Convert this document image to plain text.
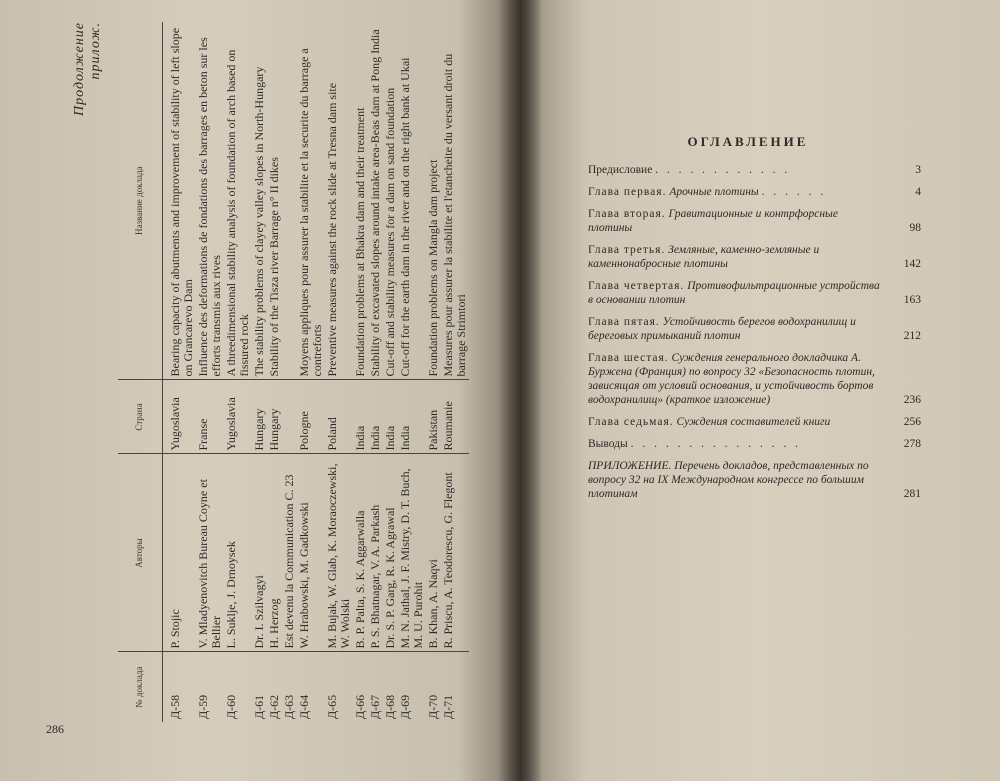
Продолжение прилож.
№ доклада	Авторы	Страна	Название доклада
Д-58	P. Stojic	Yugoslavia	Bearing capacity of abutments and improvement of stability of left slope on Grancarevo Dam
Д-59	V. Mladyenovitch Bureau Coyne et Bellier	Franse	Influence des deformations de fondations des barrages en beton sur les efforts transmis aux rives
Д-60	L. Suklje, J. Drnoysek	Yugoslavia	A threedimensional stability analysis of foundation of arch based on fissured rock
Д-61	Dr. I. Szilvagyi	Hungary	The stability problems of clayey valley slopes in North-Hungary
Д-62	H. Herzog	Hungary	Stability of the Tisza river Barrage n° II dikes
Д-63	Est devenu la Communication C. 23		
Д-64	W. Hrabowski, M. Gadkowski	Pologne	Moyens appliques pour assurer la stabilite et la securite du barrage a contreforts
Д-65	M. Bujak, W. Glab, K. Moraoczewski, W. Wolski	Poland	Preventive measures against the rock slide at Tresna dam site
Д-66	B. P. Palta, S. K. Aggarwalla	India	Foundation problems at Bhakra dam and their treatment
Д-67	P. S. Bhatnagar, V. A. Parkash	India	Stability of excavated slopes around intake area-Beas dam at Pong India
Д-68	Dr. S. P. Garg, R. K. Agrawal	India	Cut-off and stability measures for a dam on sand foundation
Д-69	M. N. Jathal, J. F. Mistry, D. T. Buch, M. U. Purohit	India	Cut-off for the earth dam in the river and on the right bank at Ukai
Д-70	B. Khan, A. Naqvi	Pakistan	Foundation problems on Mangla dam project
Д-71	R. Priscu, A. Teodorescu, G. Flegont	Roumanie	Measures pour assurer la stabilite et l'etancheite du versant droit du barrage Strimtori
286
ОГЛАВЛЕНИЕ
Предисловие . . . . . . . . . . . .	3
Глава первая. Арочные плотины . . . . . .	4
Глава вторая. Гравитационные и контрфорсные плотины	98
Глава третья. Земляные, каменно-земляные и каменнонабросные плотины	142
Глава четвертая. Противофильтрационные устройства в основании плотин	163
Глава пятая. Устойчивость берегов водохранилищ и береговых примыканий плотин	212
Глава шестая. Суждения генерального докладчика А. Бурженa (Франция) по вопросу 32 «Безопасность плотин, зависящая от условий основания, и устойчивость бортов водохранилищ» (краткое изложение)	236
Глава седьмая. Суждения составителей книги	256
Выводы . . . . . . . . . . . . . . .	278
ПРИЛОЖЕНИЕ. Перечень докладов, представленных по вопросу 32 на IX Международном конгрессе по большим плотинам	281
